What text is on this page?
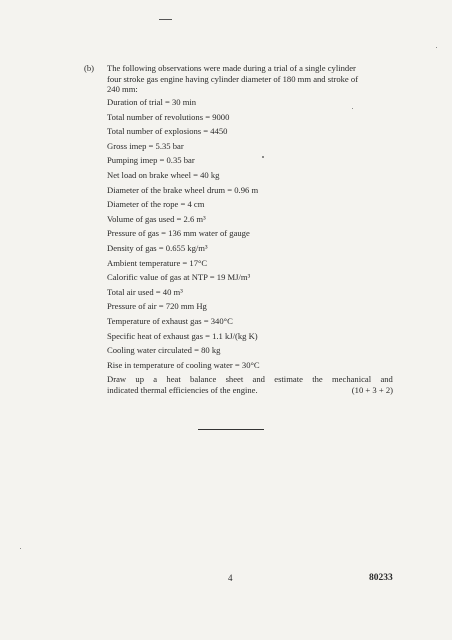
(b) The following observations were made during a trial of a single cylinder
four stroke gas engine having cylinder diameter of 180 mm and stroke of
240 mm:
Duration of trial = 30 min
Total number of revolutions = 9000
Total number of explosions = 4450
Gross imep = 5.35 bar
Pumping imep = 0.35 bar
Net load on brake wheel = 40 kg
Diameter of the brake wheel drum = 0.96 m
Diameter of the rope = 4 cm
Volume of gas used = 2.6 m³
Pressure of gas = 136 mm water of gauge
Density of gas = 0.655 kg/m³
Ambient temperature = 17°C
Calorific value of gas at NTP = 19 MJ/m³
Total air used = 40 m³
Pressure of air = 720 mm Hg
Temperature of exhaust gas = 340°C
Specific heat of exhaust gas = 1.1 kJ/(kg K)
Cooling water circulated = 80 kg
Rise in temperature of cooling water = 30°C
Draw up a heat balance sheet and estimate the mechanical and
indicated thermal efficiencies of the engine.	(10 + 3 + 2)
4	80233
